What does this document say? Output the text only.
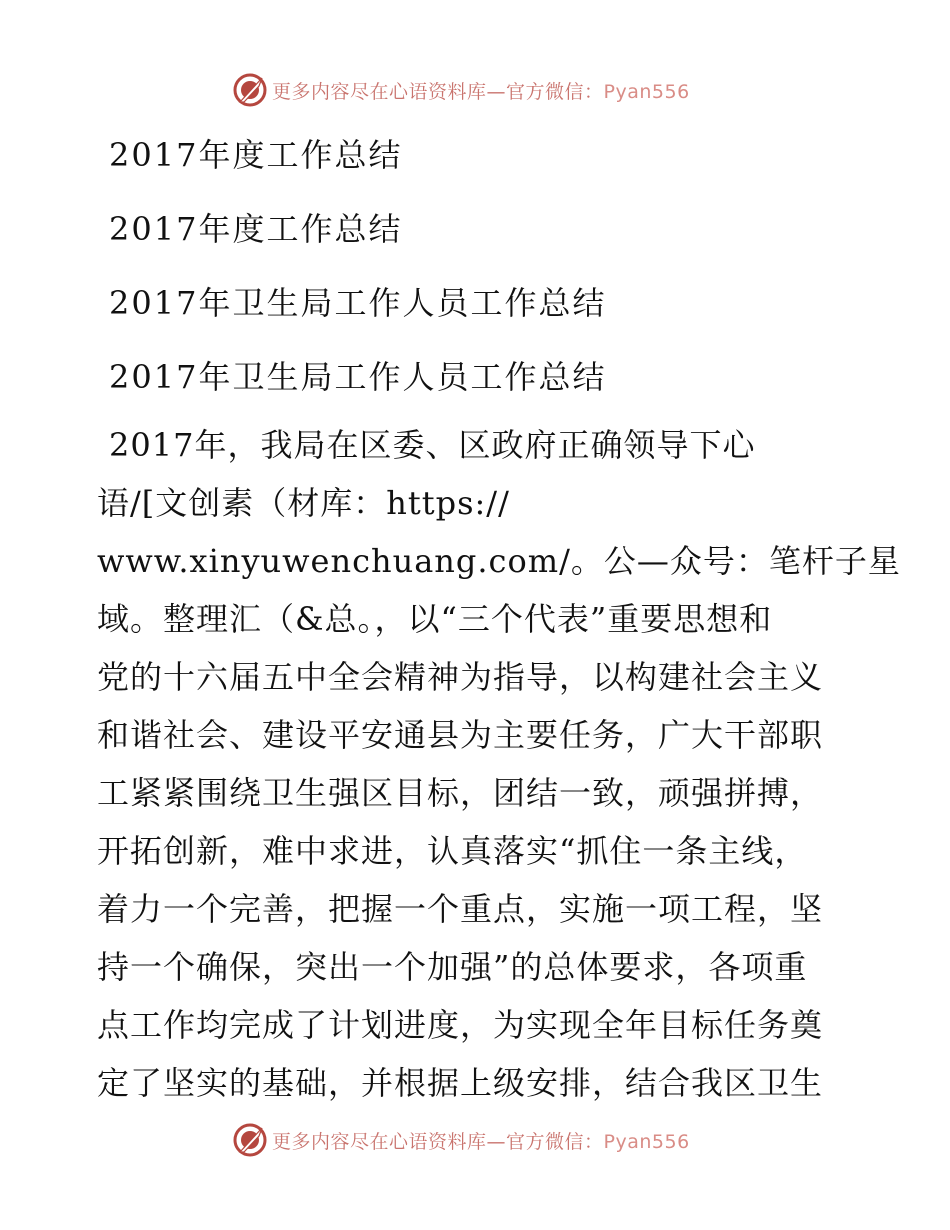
更多内容尽在心语资料库—官方微信：Pyan556
2017年度工作总结
2017年度工作总结
2017年卫生局工作人员工作总结
2017年卫生局工作人员工作总结
2017年，我局在区委、区政府正确领导下心
语/[文创素（材库：https://
www.xinyuwenchuang.com/。公—众号：笔杆子星
域。整理汇（&总。，以“三个代表”重要思想和
党的十六届五中全会精神为指导，以构建社会主义
和谐社会、建设平安通县为主要任务，广大干部职
工紧紧围绕卫生强区目标，团结一致，顽强拼搏，
开拓创新，难中求进，认真落实“抓住一条主线，
着力一个完善，把握一个重点，实施一项工程，坚
持一个确保，突出一个加强”的总体要求，各项重
点工作均完成了计划进度，为实现全年目标任务奠
定了坚实的基础，并根据上级安排，结合我区卫生
更多内容尽在心语资料库—官方微信：Pyan556
